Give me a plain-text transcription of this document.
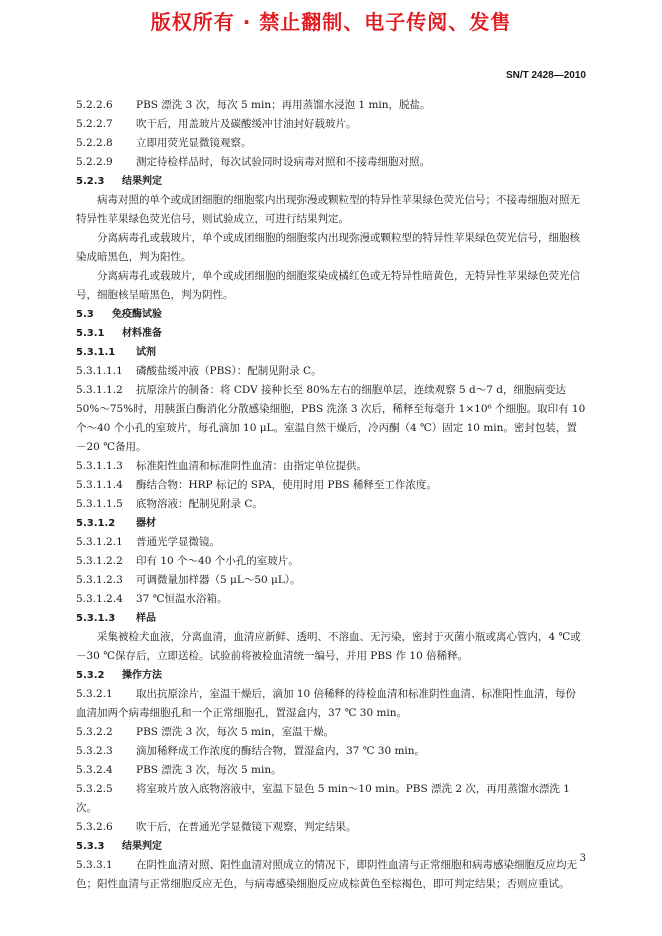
版权所有 · 禁止翻制、电子传阅、发售
SN/T 2428—2010
5.2.2.6 PBS 漂洗 3 次，每次 5 min；再用蒸馏水浸泡 1 min，脱盐。
5.2.2.7 吹干后，用盖玻片及碳酸缓冲甘油封好载玻片。
5.2.2.8 立即用荧光显微镜观察。
5.2.2.9 测定待检样品时，每次试验同时设病毒对照和不接毒细胞对照。
5.2.3 结果判定
病毒对照的单个或成团细胞的细胞浆内出现弥漫或颗粒型的特异性苹果绿色荧光信号；不接毒细胞对照无特异性苹果绿色荧光信号，则试验成立，可进行结果判定。
分离病毒孔或载玻片，单个或成团细胞的细胞浆内出现弥漫或颗粒型的特异性苹果绿色荧光信号，细胞核染成暗黑色，判为阳性。
分离病毒孔或载玻片，单个或成团细胞的细胞浆染成橘红色或无特异性暗黄色，无特异性苹果绿色荧光信号，细胞核呈暗黑色，判为阴性。
5.3 免疫酶试验
5.3.1 材料准备
5.3.1.1 试剂
5.3.1.1.1 磷酸盐缓冲液（PBS）：配制见附录 C。
5.3.1.1.2 抗原涂片的制备：将 CDV 接种长至 80%左右的细胞单层，连续观察 5 d～7 d，细胞病变达 50%～75%时，用胰蛋白酶消化分散感染细胞，PBS 洗涤 3 次后，稀释至每毫升 1×10⁶ 个细胞。取印有 10 个～40 个小孔的室玻片，每孔滴加 10 μL。室温自然干燥后，冷丙酮（4 ℃）固定 10 min。密封包装，置－20 ℃备用。
5.3.1.1.3 标准阳性血清和标准阴性血清：由指定单位提供。
5.3.1.1.4 酶结合物：HRP 标记的 SPA，使用时用 PBS 稀释至工作浓度。
5.3.1.1.5 底物溶液：配制见附录 C。
5.3.1.2 器材
5.3.1.2.1 普通光学显微镜。
5.3.1.2.2 印有 10 个～40 个小孔的室玻片。
5.3.1.2.3 可调微量加样器（5 μL～50 μL）。
5.3.1.2.4 37 ℃恒温水浴箱。
5.3.1.3 样品
采集被检犬血液，分离血清，血清应新鲜、透明、不溶血、无污染，密封于灭菌小瓶或离心管内，4 ℃或－30 ℃保存后，立即送检。试验前将被检血清统一编号，并用 PBS 作 10 倍稀释。
5.3.2 操作方法
5.3.2.1 取出抗原涂片，室温干燥后，滴加 10 倍稀释的待检血清和标准阴性血清、标准阳性血清，每份血清加两个病毒细胞孔和一个正常细胞孔，置湿盒内，37 ℃ 30 min。
5.3.2.2 PBS 漂洗 3 次，每次 5 min，室温干燥。
5.3.2.3 滴加稀释成工作浓度的酶结合物，置湿盒内，37 ℃ 30 min。
5.3.2.4 PBS 漂洗 3 次，每次 5 min。
5.3.2.5 将室玻片放入底物溶液中，室温下显色 5 min～10 min。PBS 漂洗 2 次，再用蒸馏水漂洗 1 次。
5.3.2.6 吹干后，在普通光学显微镜下观察，判定结果。
5.3.3 结果判定
5.3.3.1 在阴性血清对照、阳性血清对照成立的情况下，即阴性血清与正常细胞和病毒感染细胞反应均无色；阳性血清与正常细胞反应无色，与病毒感染细胞反应成棕黄色至棕褐色，即可判定结果；否则应重试。
3
